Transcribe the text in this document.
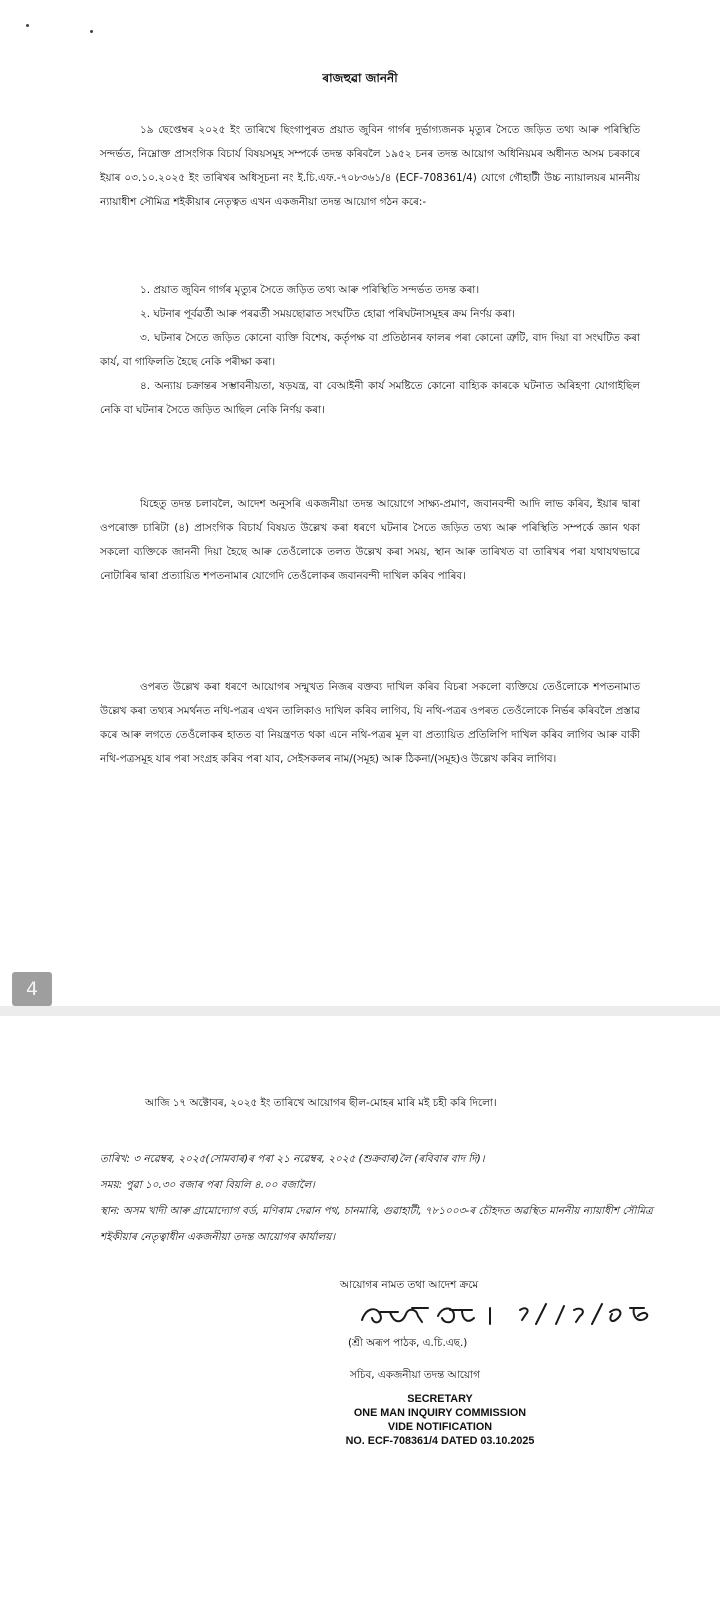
ৰাজহুৱা জাননী
১৯ ছেপ্তেম্বৰ ২০২৫ ইং তাৰিখে ছিংগাপুৰত প্ৰয়াত জুবিন গাৰ্গৰ দুৰ্ভাগ্যজনক মৃত্যুৰ সৈতে জড়িত তথ্য আৰু পৰিস্থিতি সন্দৰ্ভত, নিম্নোক্ত প্ৰাসংগিক বিচাৰ্য বিষয়সমূহ সম্পৰ্কে তদন্ত কৰিবলৈ ১৯৫২ চনৰ তদন্ত আয়োগ অধিনিয়মৰ অধীনত অসম চৰকাৰে ইয়াৰ ০৩.১০.২০২৫ ইং তাৰিখৰ অধিসূচনা নং ই.চি.এফ.-৭০৮৩৬১/৪ (ECF-708361/4) যোগে গৌহাটী উচ্চ ন্যায়ালয়ৰ মাননীয় ন্যায়াধীশ সৌমিত্ৰ শইকীয়াৰ নেতৃত্বত এখন একজনীয়া তদন্ত আয়োগ গঠন কৰে:-
১. প্ৰয়াত জুবিন গাৰ্গৰ মৃত্যুৰ সৈতে জড়িত তথ্য আৰু পৰিস্থিতি সন্দৰ্ভত তদন্ত কৰা।
২. ঘটনাৰ পূৰ্বৱৰ্তী আৰু পৰৱৰ্তী সময়ছোৱাত সংঘটিত হোৱা পৰিঘটনাসমূহৰ ক্ৰম নিৰ্ণয় কৰা।
৩. ঘটনাৰ সৈতে জড়িত কোনো ব্যক্তি বিশেষ, কৰ্তৃপক্ষ বা প্ৰতিষ্ঠানৰ ফালৰ পৰা কোনো ত্ৰুটি, বাদ দিয়া বা সংঘটিত কৰা কাৰ্য, বা গাফিলতি হৈছে নেকি পৰীক্ষা কৰা।
৪. অন্যায় চক্ৰান্তৰ সম্ভাবনীয়তা, ষড়যন্ত্ৰ, বা বেআইনী কাৰ্য সমষ্টিতে কোনো বাহ্যিক কাৰকে ঘটনাত অৰিহণা যোগাইছিল নেকি বা ঘটনাৰ সৈতে জড়িত আছিল নেকি নিৰ্ণয় কৰা।
যিহেতু তদন্ত চলাবলৈ, আদেশ অনুসৰি একজনীয়া তদন্ত আয়োগে সাক্ষ্য-প্ৰমাণ, জবানবন্দী আদি লাভ কৰিব, ইয়াৰ দ্বাৰা ওপৰোক্ত চাৰিটা (৪) প্ৰাসংগিক বিচাৰ্য বিষয়ত উল্লেখ কৰা ধৰণে ঘটনাৰ সৈতে জড়িত তথ্য আৰু পৰিস্থিতি সম্পৰ্কে জ্ঞান থকা সকলো ব্যক্তিকে জাননী দিয়া হৈছে আৰু তেওঁলোকে তলত উল্লেখ কৰা সময়, স্থান আৰু তাৰিখত বা তাৰিখৰ পৰা যথাযথভাৱে নোটাৰিৰ দ্বাৰা প্ৰত্যায়িত শপতনামাৰ যোগেদি তেওঁলোকৰ জবানবন্দী দাখিল কৰিব পাৰিব।
ওপৰত উল্লেখ কৰা ধৰণে আয়োগৰ সন্মুখত নিজৰ বক্তব্য দাখিল কৰিব বিচৰা সকলো ব্যক্তিয়ে তেওঁলোকে শপতনামাত উল্লেখ কৰা তথ্যৰ সমৰ্থনত নথি-পত্ৰৰ এখন তালিকাও দাখিল কৰিব লাগিব, যি নথি-পত্ৰৰ ওপৰত তেওঁলোকে নিৰ্ভৰ কৰিবলৈ প্ৰস্তাৱ কৰে আৰু লগতে তেওঁলোকৰ হাতত বা নিয়ন্ত্ৰণত থকা এনে নথি-পত্ৰৰ মূল বা প্ৰত্যায়িত প্ৰতিলিপি দাখিল কৰিব লাগিব আৰু বাকী নথি-পত্ৰসমূহ যাৰ পৰা সংগ্ৰহ কৰিব পৰা যাব, সেইসকলৰ নাম/(সমূহ) আৰু ঠিকনা/(সমূহ)ও উল্লেখ কৰিব লাগিব।
4
আজি ১৭ অক্টোবৰ, ২০২৫ ইং তাৰিখে আয়োগৰ ছীল-মোহৰ মাৰি মই চহী কৰি দিলো।
তাৰিখ: ৩ নৱেম্বৰ, ২০২৫(সোমবাৰ)ৰ পৰা ২১ নৱেম্বৰ, ২০২৫ (শুক্ৰবাৰ)লৈ (ৰবিবাৰ বাদ দি)।
সময়: পুৱা ১০.৩০ বজাৰ পৰা বিয়লি ৪.০০ বজালৈ।
স্থান: অসম খাদী আৰু গ্ৰামোদ্যোগ বৰ্ড, মণিৰাম দেৱান পথ, চানমাৰি, গুৱাহাটী, ৭৮১০০৩-ৰ চৌহদত অৱস্থিত মাননীয় ন্যায়াধীশ সৌমিত্ৰ শইকীয়াৰ নেতৃত্বাধীন একজনীয়া তদন্ত আয়োগৰ কাৰ্যালয়।
আয়োগৰ নামত তথা আদেশ ক্ৰমে
(শ্ৰী অৰূপ পাঠক, এ.চি.এছ.)
সচিব, একজনীয়া তদন্ত আয়োগ
SECRETARY
ONE MAN INQUIRY COMMISSION
VIDE NOTIFICATION
NO. ECF-708361/4 DATED 03.10.2025
